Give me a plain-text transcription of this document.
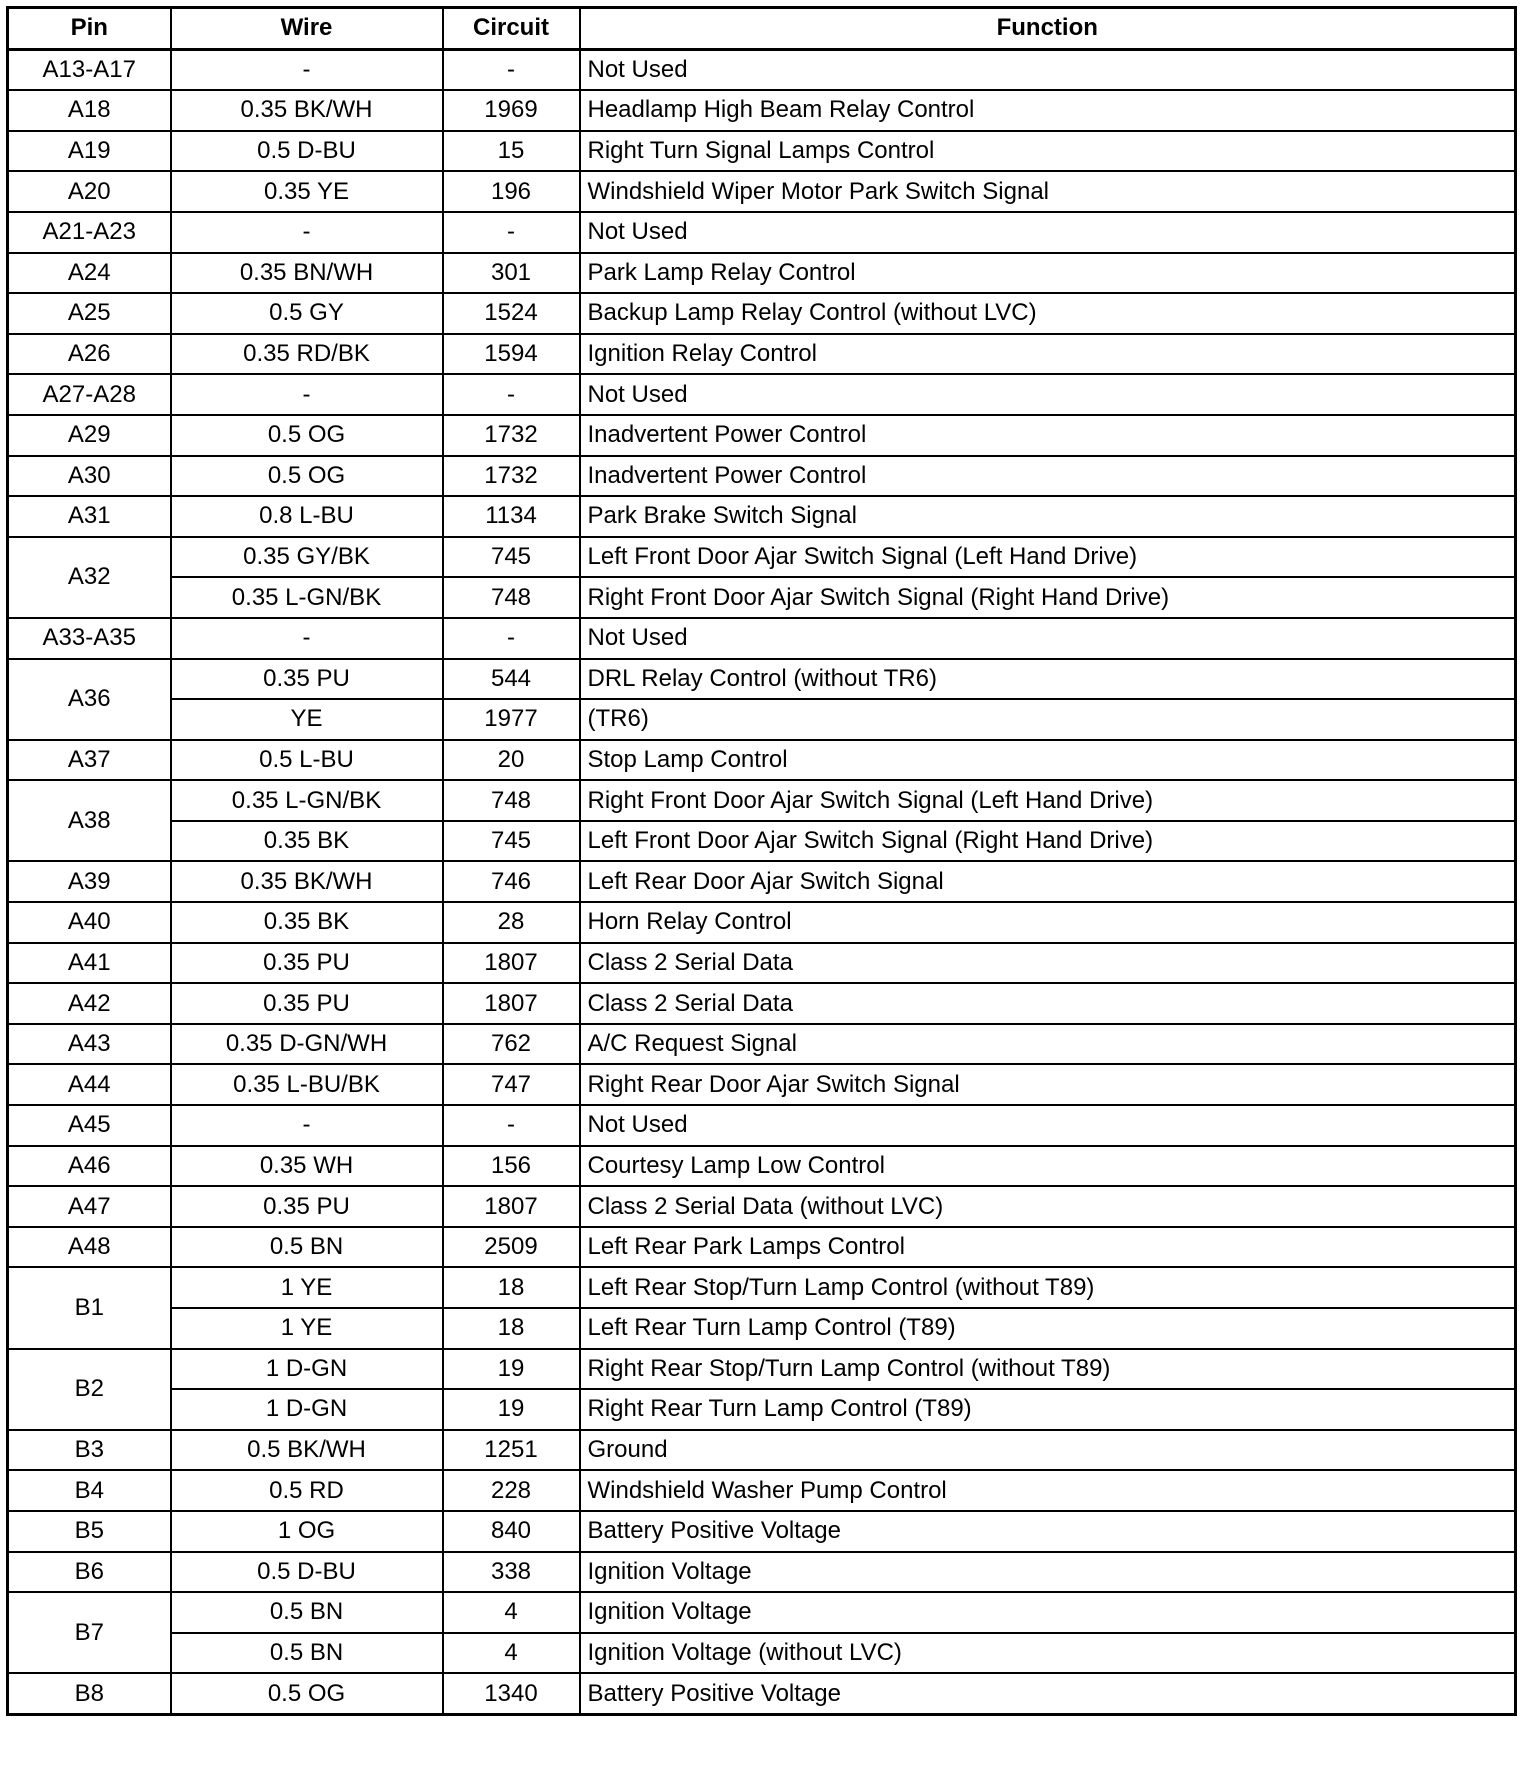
Pin	Wire	Circuit	Function
A13-A17	-	-	Not Used
A18	0.35 BK/WH	1969	Headlamp High Beam Relay Control
A19	0.5 D-BU	15	Right Turn Signal Lamps Control
A20	0.35 YE	196	Windshield Wiper Motor Park Switch Signal
A21-A23	-	-	Not Used
A24	0.35 BN/WH	301	Park Lamp Relay Control
A25	0.5 GY	1524	Backup Lamp Relay Control (without LVC)
A26	0.35 RD/BK	1594	Ignition Relay Control
A27-A28	-	-	Not Used
A29	0.5 OG	1732	Inadvertent Power Control
A30	0.5 OG	1732	Inadvertent Power Control
A31	0.8 L-BU	1134	Park Brake Switch Signal
A32	0.35 GY/BK	745	Left Front Door Ajar Switch Signal (Left Hand Drive)
	0.35 L-GN/BK	748	Right Front Door Ajar Switch Signal (Right Hand Drive)
A33-A35	-	-	Not Used
A36	0.35 PU	544	DRL Relay Control (without TR6)
	YE	1977	(TR6)
A37	0.5 L-BU	20	Stop Lamp Control
A38	0.35 L-GN/BK	748	Right Front Door Ajar Switch Signal (Left Hand Drive)
	0.35 BK	745	Left Front Door Ajar Switch Signal (Right Hand Drive)
A39	0.35 BK/WH	746	Left Rear Door Ajar Switch Signal
A40	0.35 BK	28	Horn Relay Control
A41	0.35 PU	1807	Class 2 Serial Data
A42	0.35 PU	1807	Class 2 Serial Data
A43	0.35 D-GN/WH	762	A/C Request Signal
A44	0.35 L-BU/BK	747	Right Rear Door Ajar Switch Signal
A45	-	-	Not Used
A46	0.35 WH	156	Courtesy Lamp Low Control
A47	0.35 PU	1807	Class 2 Serial Data (without LVC)
A48	0.5 BN	2509	Left Rear Park Lamps Control
B1	1 YE	18	Left Rear Stop/Turn Lamp Control (without T89)
	1 YE	18	Left Rear Turn Lamp Control (T89)
B2	1 D-GN	19	Right Rear Stop/Turn Lamp Control (without T89)
	1 D-GN	19	Right Rear Turn Lamp Control (T89)
B3	0.5 BK/WH	1251	Ground
B4	0.5 RD	228	Windshield Washer Pump Control
B5	1 OG	840	Battery Positive Voltage
B6	0.5 D-BU	338	Ignition Voltage
B7	0.5 BN	4	Ignition Voltage
	0.5 BN	4	Ignition Voltage (without LVC)
B8	0.5 OG	1340	Battery Positive Voltage
